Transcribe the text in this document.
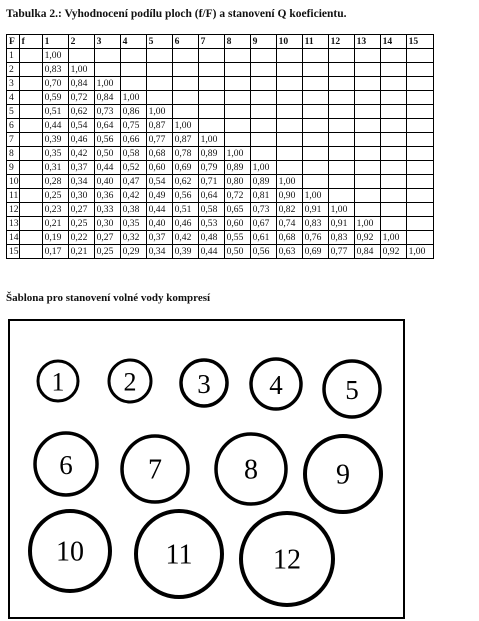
Tabulka 2.: Vyhodnocení podílu ploch (f/F) a stanovení Q koeficientu.
F	f	1	2	3	4	5	6	7	8	9	10	11	12	13	14	15
1		1,00														
2		0,83	1,00													
3		0,70	0,84	1,00												
4		0,59	0,72	0,84	1,00											
5		0,51	0,62	0,73	0,86	1,00										
6		0,44	0,54	0,64	0,75	0,87	1,00									
7		0,39	0,46	0,56	0,66	0,77	0,87	1,00								
8		0,35	0,42	0,50	0,58	0,68	0,78	0,89	1,00							
9		0,31	0,37	0,44	0,52	0,60	0,69	0,79	0,89	1,00						
10		0,28	0,34	0,40	0,47	0,54	0,62	0,71	0,80	0,89	1,00					
11		0,25	0,30	0,36	0,42	0,49	0,56	0,64	0,72	0,81	0,90	1,00				
12		0,23	0,27	0,33	0,38	0,44	0,51	0,58	0,65	0,73	0,82	0,91	1,00			
13		0,21	0,25	0,30	0,35	0,40	0,46	0,53	0,60	0,67	0,74	0,83	0,91	1,00		
14		0,19	0,22	0,27	0,32	0,37	0,42	0,48	0,55	0,61	0,68	0,76	0,83	0,92	1,00	
15		0,17	0,21	0,25	0,29	0,34	0,39	0,44	0,50	0,56	0,63	0,69	0,77	0,84	0,92	1,00
Šablona pro stanovení volné vody kompresí
1 2 3 4 5
6	7	8	9
10	11	12
